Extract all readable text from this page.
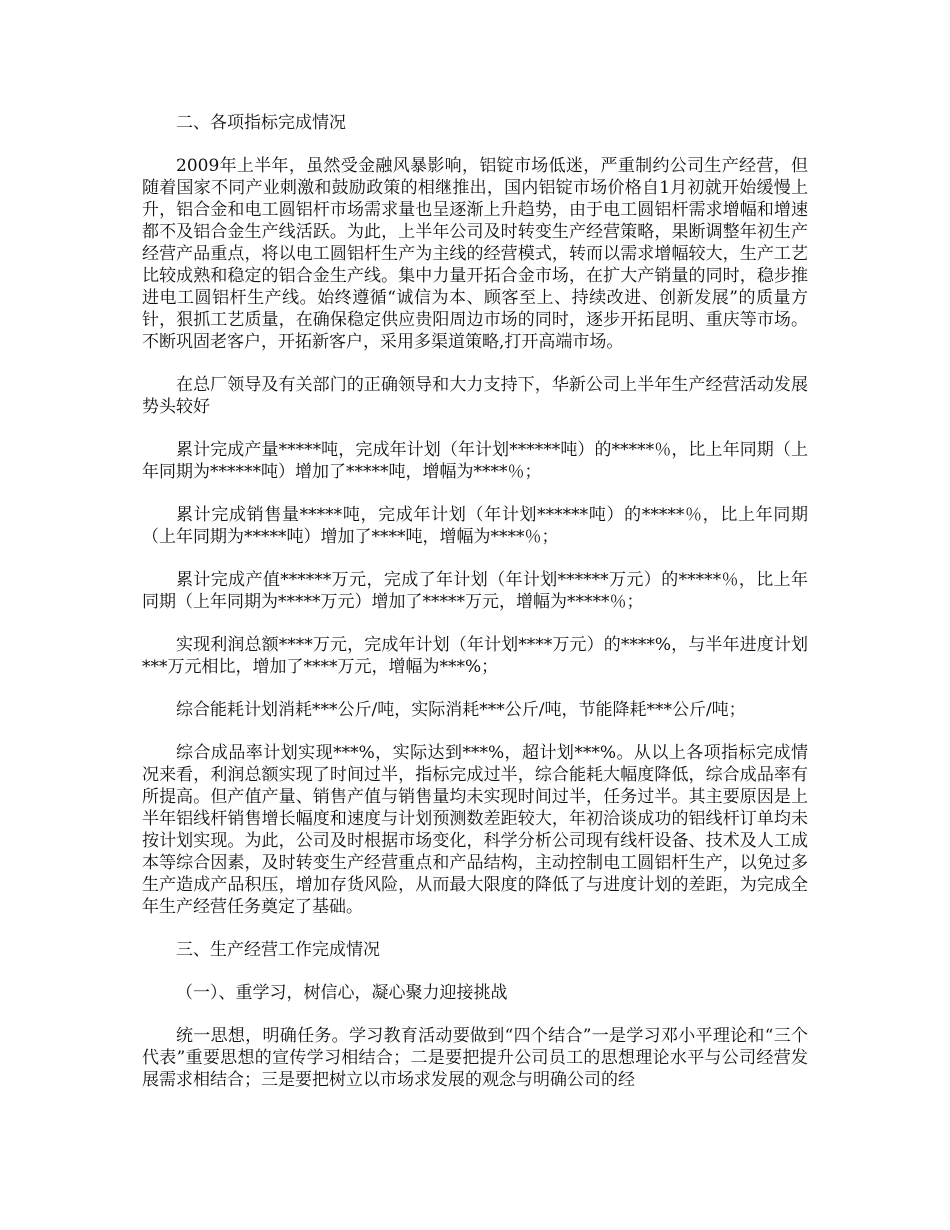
二、各项指标完成情况

2009年上半年，虽然受金融风暴影响，铝锭市场低迷，严重制约公司生产经营，但随着国家不同产业刺激和鼓励政策的相继推出，国内铝锭市场价格自1月初就开始缓慢上升，铝合金和电工圆铝杆市场需求量也呈逐渐上升趋势，由于电工圆铝杆需求增幅和增速都不及铝合金生产线活跃。为此，上半年公司及时转变生产经营策略，果断调整年初生产经营产品重点，将以电工圆铝杆生产为主线的经营模式，转而以需求增幅较大，生产工艺比较成熟和稳定的铝合金生产线。集中力量开拓合金市场，在扩大产销量的同时，稳步推进电工圆铝杆生产线。始终遵循“诚信为本、顾客至上、持续改进、创新发展”的质量方针，狠抓工艺质量，在确保稳定供应贵阳周边市场的同时，逐步开拓昆明、重庆等市场。不断巩固老客户，开拓新客户，采用多渠道策略,打开高端市场。

在总厂领导及有关部门的正确领导和大力支持下，华新公司上半年生产经营活动发展势头较好

累计完成产量*****吨，完成年计划（年计划******吨）的*****％，比上年同期（上年同期为******吨）增加了*****吨，增幅为****％；

累计完成销售量*****吨，完成年计划（年计划******吨）的*****％，比上年同期（上年同期为*****吨）增加了****吨，增幅为****％；

累计完成产值******万元，完成了年计划（年计划******万元）的*****％，比上年同期（上年同期为*****万元）增加了*****万元，增幅为*****％；

实现利润总额****万元，完成年计划（年计划****万元）的****%，与半年进度计划***万元相比，增加了****万元，增幅为***%；

综合能耗计划消耗***公斤/吨，实际消耗***公斤/吨，节能降耗***公斤/吨；

综合成品率计划实现***%，实际达到***%，超计划***%。从以上各项指标完成情况来看，利润总额实现了时间过半，指标完成过半，综合能耗大幅度降低，综合成品率有所提高。但产值产量、销售产值与销售量均未实现时间过半，任务过半。其主要原因是上半年铝线杆销售增长幅度和速度与计划预测数差距较大，年初洽谈成功的铝线杆订单均未按计划实现。为此，公司及时根据市场变化，科学分析公司现有线杆设备、技术及人工成本等综合因素，及时转变生产经营重点和产品结构，主动控制电工圆铝杆生产，以免过多生产造成产品积压，增加存货风险，从而最大限度的降低了与进度计划的差距，为完成全年生产经营任务奠定了基础。

三、生产经营工作完成情况

（一）、重学习，树信心，凝心聚力迎接挑战

统一思想，明确任务。学习教育活动要做到“四个结合”一是学习邓小平理论和“三个代表”重要思想的宣传学习相结合；二是要把提升公司员工的思想理论水平与公司经营发展需求相结合；三是要把树立以市场求发展的观念与明确公司的经
